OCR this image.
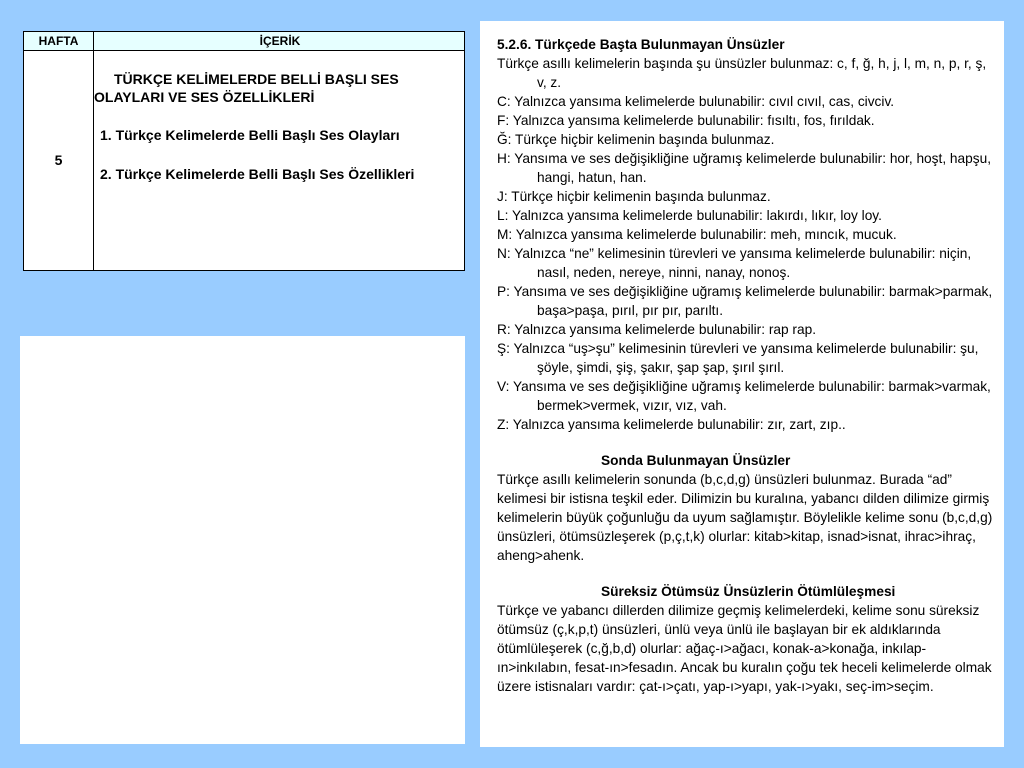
HAFTA	İÇERİK
5
TÜRKÇE KELİMELERDE BELLİ BAŞLI SES
OLAYLARI VE SES ÖZELLİKLERİ
1. Türkçe Kelimelerde Belli Başlı Ses Olayları
2. Türkçe Kelimelerde Belli Başlı Ses Özellikleri
5.2.6. Türkçede Başta Bulunmayan Ünsüzler
Türkçe asıllı kelimelerin başında şu ünsüzler bulunmaz: c, f, ğ, h, j, l, m, n, p, r, ş, v, z.
C: Yalnızca yansıma kelimelerde bulunabilir: cıvıl cıvıl, cas, civciv.
F: Yalnızca yansıma kelimelerde bulunabilir: fısıltı, fos, fırıldak.
Ğ: Türkçe hiçbir kelimenin başında bulunmaz.
H: Yansıma ve ses değişikliğine uğramış kelimelerde bulunabilir: hor, hoşt, hapşu, hangi, hatun, han.
J: Türkçe hiçbir kelimenin başında bulunmaz.
L: Yalnızca yansıma kelimelerde bulunabilir: lakırdı, lıkır, loy loy.
M: Yalnızca yansıma kelimelerde bulunabilir: meh, mıncık, mucuk.
N: Yalnızca “ne” kelimesinin türevleri ve yansıma kelimelerde bulunabilir: niçin, nasıl, neden, nereye, ninni, nanay, nonoş.
P: Yansıma ve ses değişikliğine uğramış kelimelerde bulunabilir: barmak>parmak, başa>paşa, pırıl, pır pır, parıltı.
R: Yalnızca yansıma kelimelerde bulunabilir: rap rap.
Ş: Yalnızca “uş>şu” kelimesinin türevleri ve yansıma kelimelerde bulunabilir: şu, şöyle, şimdi, şiş, şakır, şap şap, şırıl şırıl.
V: Yansıma ve ses değişikliğine uğramış kelimelerde bulunabilir: barmak>varmak, bermek>vermek, vızır, vız, vah.
Z: Yalnızca yansıma kelimelerde bulunabilir: zır, zart, zıp..
Sonda Bulunmayan Ünsüzler
Türkçe asıllı kelimelerin sonunda (b,c,d,g) ünsüzleri bulunmaz. Burada “ad” kelimesi bir istisna teşkil eder. Dilimizin bu kuralına, yabancı dilden dilimize girmiş kelimelerin büyük çoğunluğu da uyum sağlamıştır. Böylelikle kelime sonu (b,c,d,g) ünsüzleri, ötümsüzleşerek (p,ç,t,k) olurlar: kitab>kitap, isnad>isnat, ihrac>ihraç, aheng>ahenk.
Süreksiz Ötümsüz Ünsüzlerin Ötümlüleşmesi
Türkçe ve yabancı dillerden dilimize geçmiş kelimelerdeki, kelime sonu süreksiz ötümsüz (ç,k,p,t) ünsüzleri, ünlü veya ünlü ile başlayan bir ek aldıklarında ötümlüleşerek (c,ğ,b,d) olurlar: ağaç-ı>ağacı, konak-a>konağa, inkılap-ın>inkılabın, fesat-ın>fesadın. Ancak bu kuralın çoğu tek heceli kelimelerde olmak üzere istisnaları vardır: çat-ı>çatı, yap-ı>yapı, yak-ı>yakı, seç-im>seçim.
